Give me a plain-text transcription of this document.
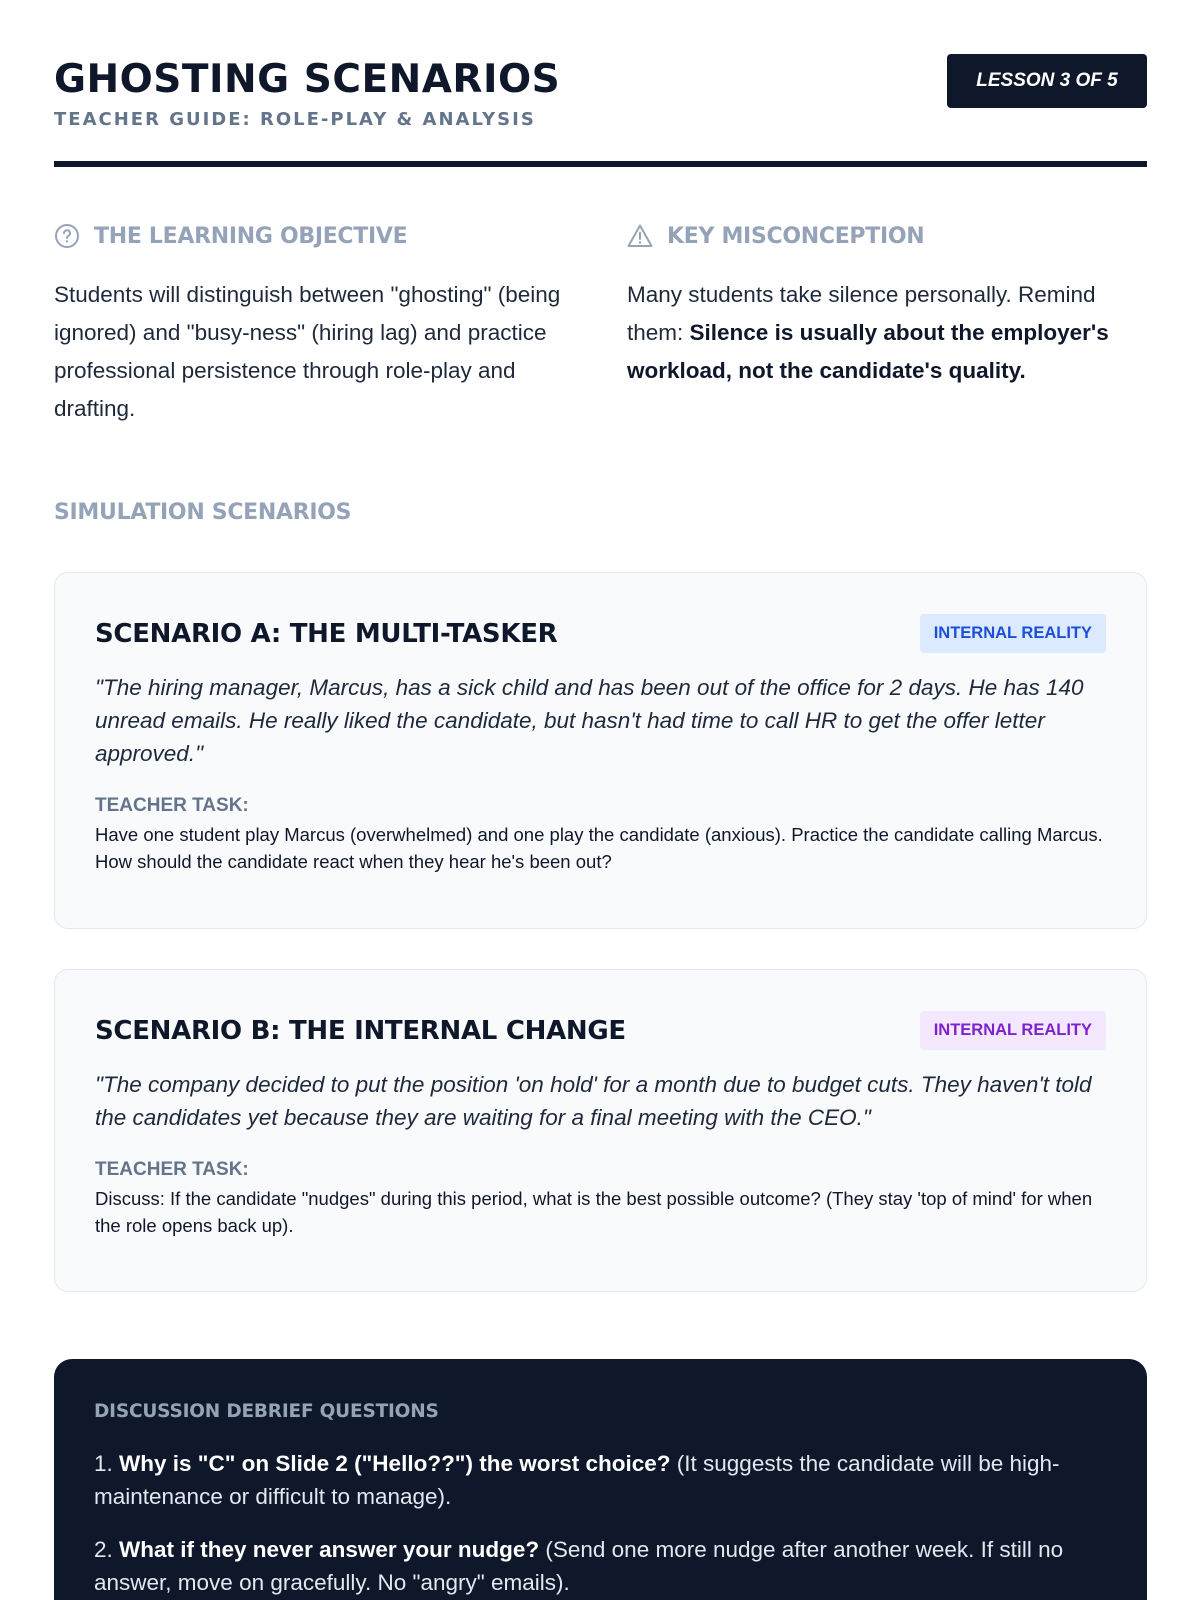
GHOSTING SCENARIOS
TEACHER GUIDE: ROLE-PLAY & ANALYSIS
LESSON 3 OF 5
THE LEARNING OBJECTIVE

Students will distinguish between "ghosting" (being ignored) and "busy-ness" (hiring lag) and practice professional persistence through role-play and drafting.

KEY MISCONCEPTION

Many students take silence personally. Remind them: Silence is usually about the employer's workload, not the candidate's quality.

SIMULATION SCENARIOS
SCENARIO A: THE MULTI-TASKER	INTERNAL REALITY

"The hiring manager, Marcus, has a sick child and has been out of the office for 2 days. He has 140 unread emails. He really liked the candidate, but hasn't had time to call HR to get the offer letter approved."

TEACHER TASK:

Have one student play Marcus (overwhelmed) and one play the candidate (anxious). Practice the candidate calling Marcus. How should the candidate react when they hear he's been out?

SCENARIO B: THE INTERNAL CHANGE	INTERNAL REALITY

"The company decided to put the position 'on hold' for a month due to budget cuts. They haven't told the candidates yet because they are waiting for a final meeting with the CEO."

TEACHER TASK:

Discuss: If the candidate "nudges" during this period, what is the best possible outcome? (They stay 'top of mind' for when the role opens back up).

DISCUSSION DEBRIEF QUESTIONS

1. Why is "C" on Slide 2 ("Hello??") the worst choice? (It suggests the candidate will be high-maintenance or difficult to manage).

2. What if they never answer your nudge? (Send one more nudge after another week. If still no answer, move on gracefully. No "angry" emails).
